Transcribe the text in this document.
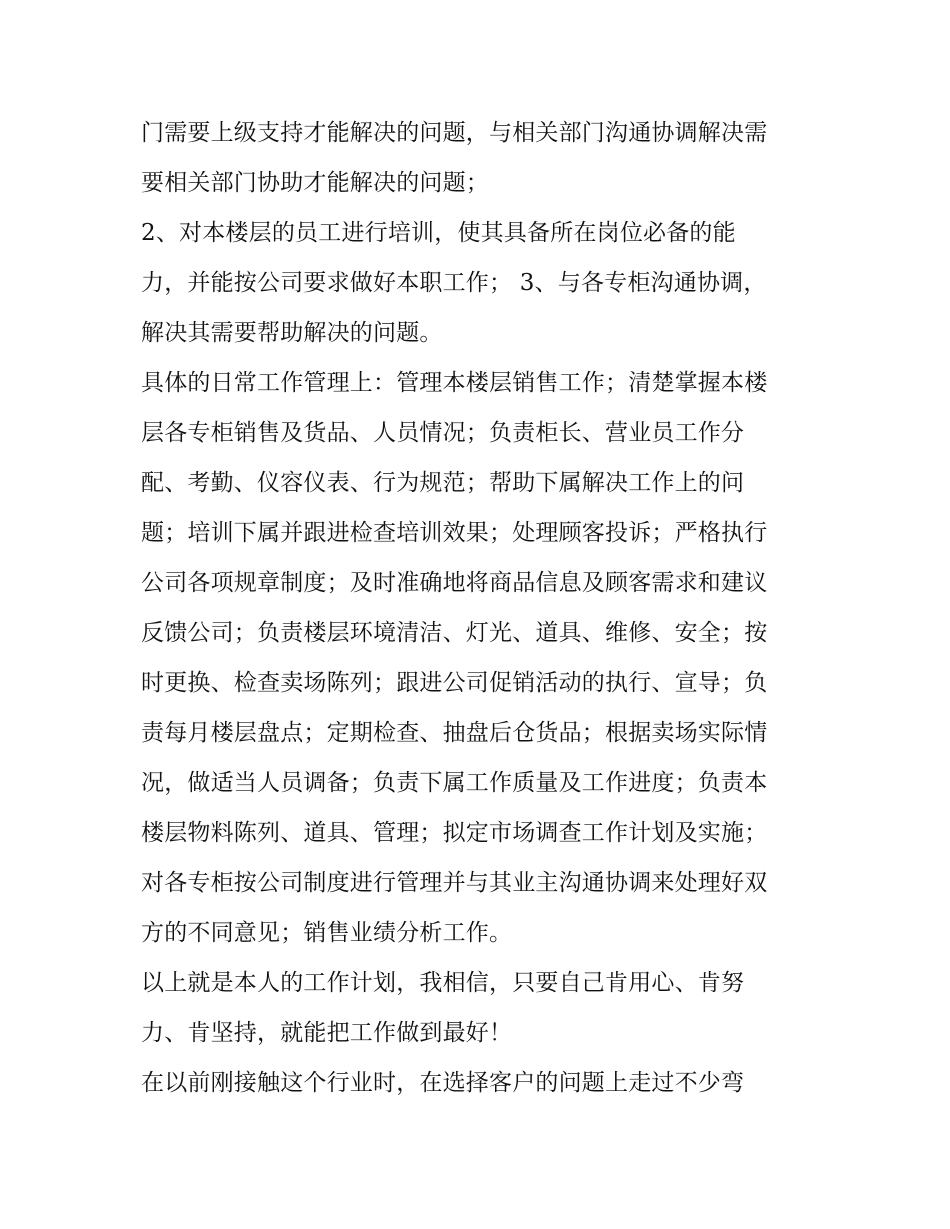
门需要上级支持才能解决的问题，与相关部门沟通协调解决需
要相关部门协助才能解决的问题；
2、对本楼层的员工进行培训，使其具备所在岗位必备的能
力，并能按公司要求做好本职工作； 3、与各专柜沟通协调，
解决其需要帮助解决的问题。
具体的日常工作管理上：管理本楼层销售工作；清楚掌握本楼
层各专柜销售及货品、人员情况；负责柜长、营业员工作分
配、考勤、仪容仪表、行为规范；帮助下属解决工作上的问
题；培训下属并跟进检查培训效果；处理顾客投诉；严格执行
公司各项规章制度；及时准确地将商品信息及顾客需求和建议
反馈公司；负责楼层环境清洁、灯光、道具、维修、安全；按
时更换、检查卖场陈列；跟进公司促销活动的执行、宣导；负
责每月楼层盘点；定期检查、抽盘后仓货品；根据卖场实际情
况，做适当人员调备；负责下属工作质量及工作进度；负责本
楼层物料陈列、道具、管理；拟定市场调查工作计划及实施；
对各专柜按公司制度进行管理并与其业主沟通协调来处理好双
方的不同意见；销售业绩分析工作。
以上就是本人的工作计划，我相信，只要自己肯用心、肯努
力、肯坚持，就能把工作做到最好！
在以前刚接触这个行业时，在选择客户的问题上走过不少弯
